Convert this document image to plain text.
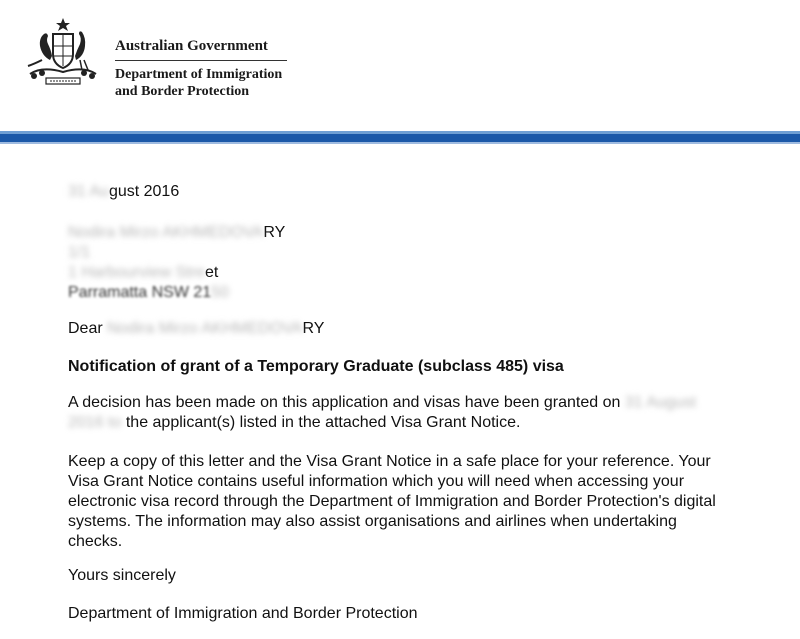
Australian Government
Department of Immigration
and Border Protection
31 August 2016
Nodira Mirzo AKHMEDOVARY
1/1
1 Harbourview Street
Parramatta NSW 2150
Dear Nodira Mirzo AKHMEDOVARY
Notification of grant of a Temporary Graduate (subclass 485) visa
A decision has been made on this application and visas have been granted on 31 August
2016 to the applicant(s) listed in the attached Visa Grant Notice.
Keep a copy of this letter and the Visa Grant Notice in a safe place for your reference. Your
Visa Grant Notice contains useful information which you will need when accessing your
electronic visa record through the Department of Immigration and Border Protection's digital
systems. The information may also assist organisations and airlines when undertaking
checks.
Yours sincerely
Department of Immigration and Border Protection
